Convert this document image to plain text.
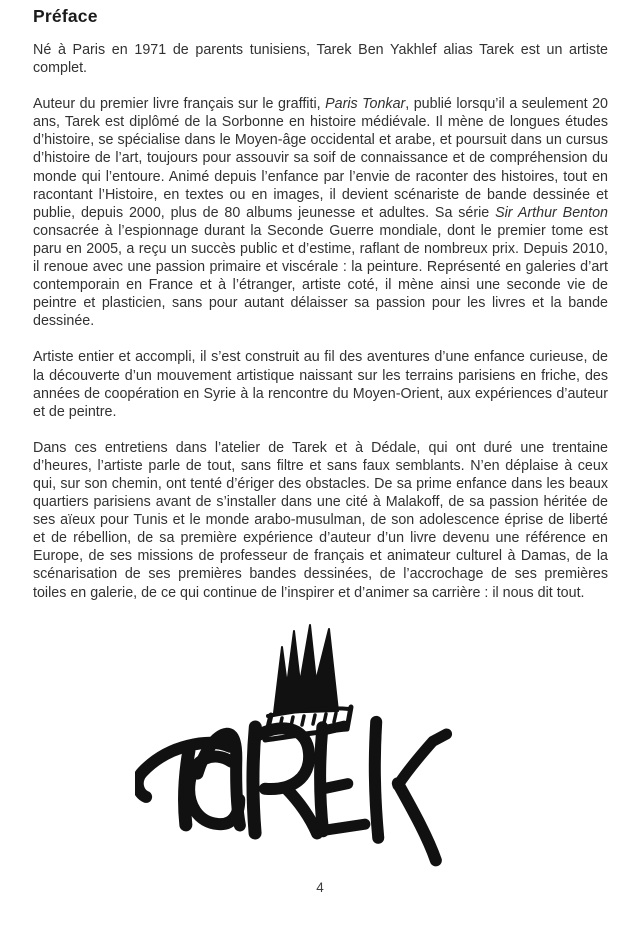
Préface

Né à Paris en 1971 de parents tunisiens, Tarek Ben Yakhlef alias Tarek est un artiste complet.

Auteur du premier livre français sur le graffiti, Paris Tonkar, publié lorsqu’il a seulement 20 ans, Tarek est diplômé de la Sorbonne en histoire médiévale. Il mène de longues études d’histoire, se spécialise dans le Moyen-âge occidental et arabe, et poursuit dans un cursus d’histoire de l’art, toujours pour assouvir sa soif de connaissance et de compréhension du monde qui l’entoure. Animé depuis l’enfance par l’envie de raconter des histoires, tout en racontant l’Histoire, en textes ou en images, il devient scénariste de bande dessinée et publie, depuis 2000, plus de 80 albums jeunesse et adultes. Sa série Sir Arthur Benton consacrée à l’espionnage durant la Seconde Guerre mondiale, dont le premier tome est paru en 2005, a reçu un succès public et d’estime, raflant de nombreux prix. Depuis 2010, il renoue avec une passion primaire et viscérale : la peinture. Représenté en galeries d’art contemporain en France et à l’étranger, artiste coté, il mène ainsi une seconde vie de peintre et plasticien, sans pour autant délaisser sa passion pour les livres et la bande dessinée.

Artiste entier et accompli, il s’est construit au fil des aventures d’une enfance curieuse, de la découverte d’un mouvement artistique naissant sur les terrains parisiens en friche, des années de coopération en Syrie à la rencontre du Moyen-Orient, aux expériences d’auteur et de peintre.

Dans ces entretiens dans l’atelier de Tarek et à Dédale, qui ont duré une trentaine d’heures, l’artiste parle de tout, sans filtre et sans faux semblants. N’en déplaise à ceux qui, sur son chemin, ont tenté d’ériger des obstacles. De sa prime enfance dans les beaux quartiers parisiens avant de s’installer dans une cité à Malakoff, de sa passion héritée de ses aïeux pour Tunis et le monde arabo-musulman, de son adolescence éprise de liberté et de rébellion, de sa première expérience d’auteur d’un livre devenu une référence en Europe, de ses missions de professeur de français et animateur culturel à Damas, de la scénarisation de ses premières bandes dessinées, de l’accrochage de ses premières toiles en galerie, de ce qui continue de l’inspirer et d’animer sa carrière : il nous dit tout.

4
